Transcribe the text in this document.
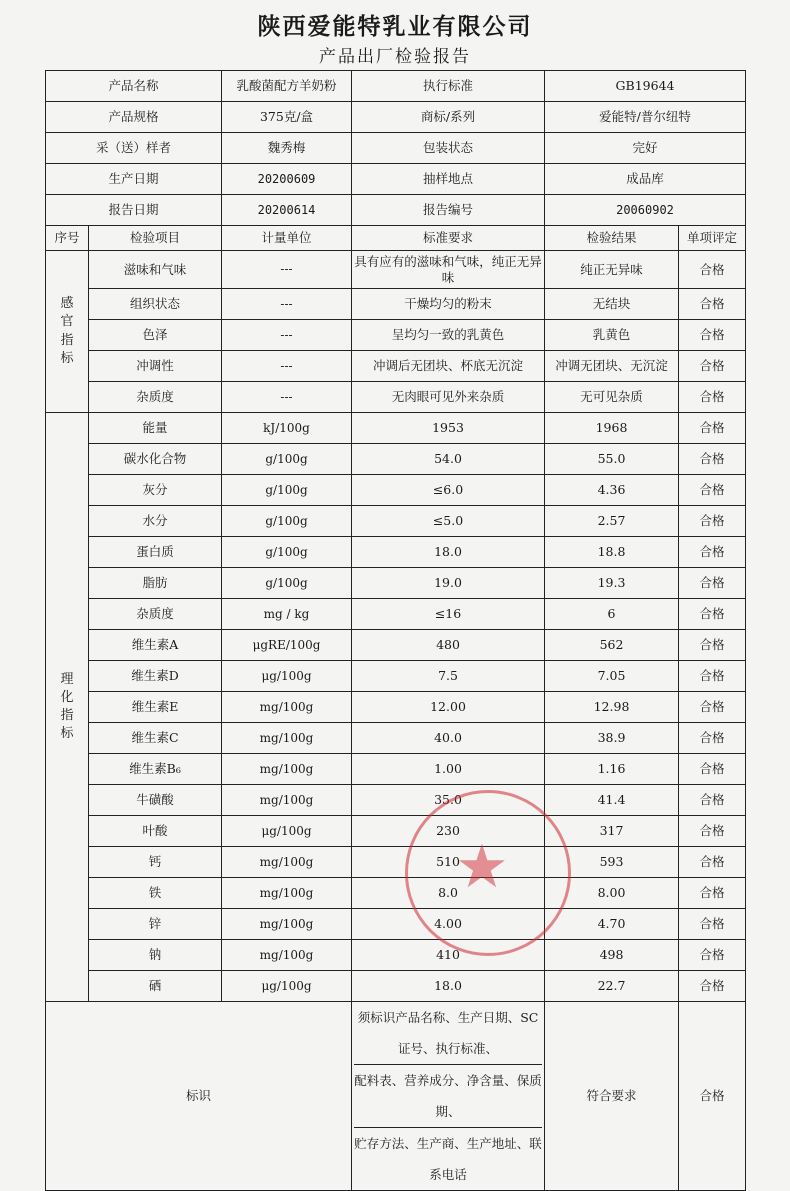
陕西爱能特乳业有限公司
产品出厂检验报告
产品名称		乳酸菌配方羊奶粉	执行标准	GB19644	
产品规格		375克/盒	商标/系列	爱能特/普尔纽特	
采（送）样者		魏秀梅	包装状态	完好	
生产日期		20200609	抽样地点	成品库	
报告日期		20200614	报告编号	20060902	
序号	检验项目	计量单位	标准要求	检验结果	单项评定

感
官
指
标	滋味和气味	---	具有应有的滋味和气味，纯正无异味	纯正无异味	合格
	组织状态	---	干燥均匀的粉末	无结块	合格
	色泽	---	呈均匀一致的乳黄色	乳黄色	合格
	冲调性	---	冲调后无团块、杯底无沉淀	冲调无团块、无沉淀	合格
	杂质度	---	无肉眼可见外来杂质	无可见杂质	合格

理
化
指
标	能量	kJ/100g	1953	1968	合格
	碳水化合物	g/100g	54.0	55.0	合格
	灰分	g/100g	≤6.0	4.36	合格
	水分	g/100g	≤5.0	2.57	合格
	蛋白质	g/100g	18.0	18.8	合格
	脂肪	g/100g	19.0	19.3	合格
	杂质度	mg / kg	≤16	6	合格
	维生素A	μgRE/100g	480	562	合格
	维生素D	μg/100g	7.5	7.05	合格
	维生素E	mg/100g	12.00	12.98	合格
	维生素C	mg/100g	40.0	38.9	合格
	维生素B₆	mg/100g	1.00	1.16	合格
	牛磺酸	mg/100g	35.0	41.4	合格
	叶酸	μg/100g	230	317	合格
	钙	mg/100g	510	593	合格
	铁	mg/100g	8.0	8.00	合格
	锌	mg/100g	4.00	4.70	合格
	钠	mg/100g	410	498	合格
	硒	μg/100g	18.0	22.7	合格
标识			须标识产品名称、生产日期、SC证号、执行标准、
配料表、营养成分、净含量、保质期、
贮存方法、生产商、生产地址、联系电话	符合要求	合格
★
